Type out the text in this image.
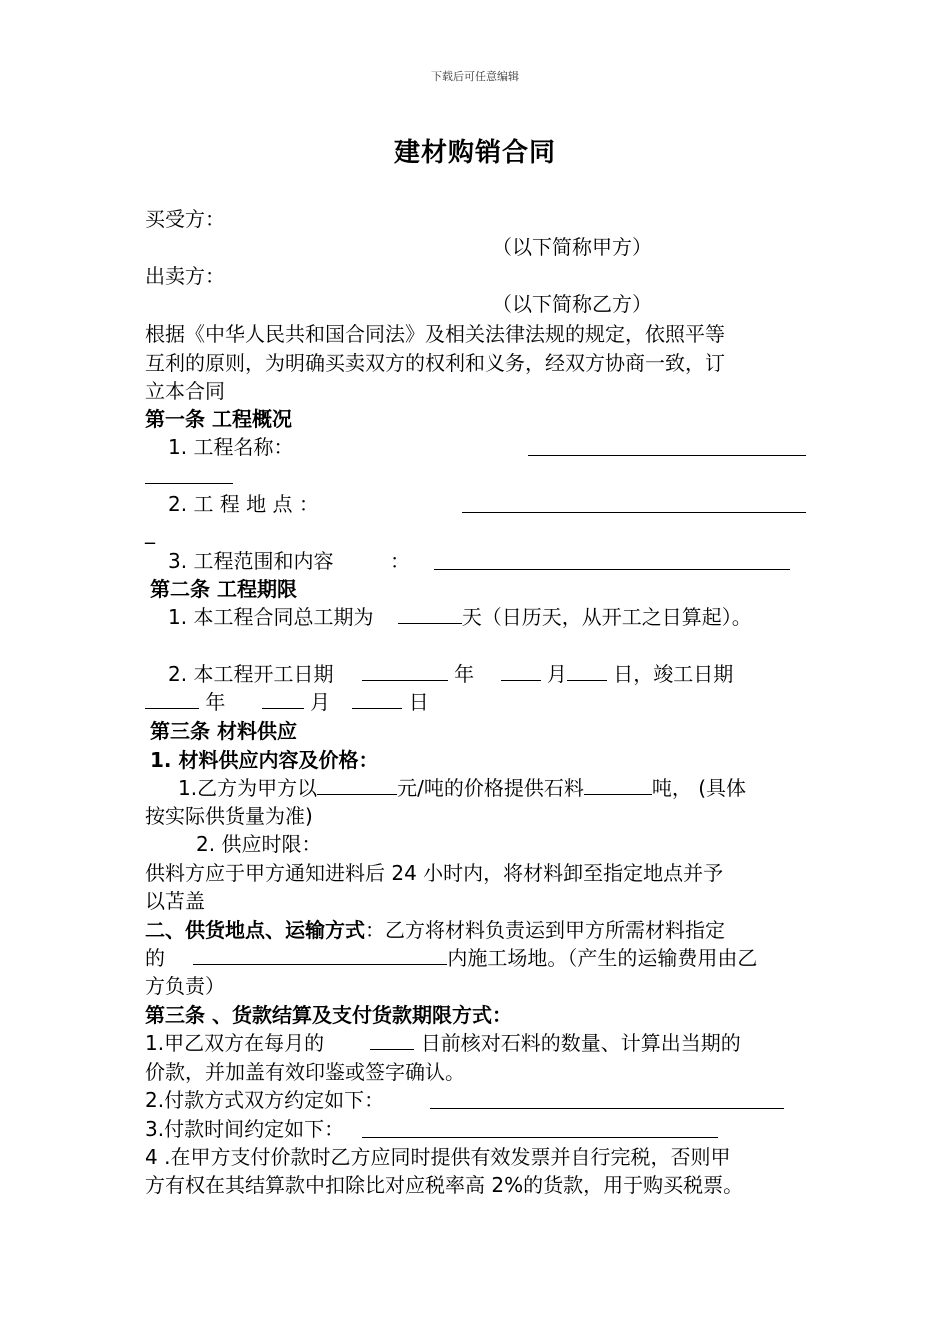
下载后可任意编辑
建材购销合同
买受方：
（以下简称甲方）
出卖方：
（以下简称乙方）
根据《中华人民共和国合同法》及相关法律法规的规定，依照平等
互利的原则，为明确买卖双方的权利和义务，经双方协商一致，订
立本合同
第一条 工程概况
1. 工程名称：
2. 工 程 地 点 ：
_
3. 工程范围和内容	：
第二条 工程期限
1. 本工程合同总工期为	天（日历天，从开工之日算起）。
2. 本工程开工日期	年	月 日，竣工日期
年	月	日
第三条 材料供应
1. 材料供应内容及价格：
1.乙方为甲方以	元/吨的价格提供石料	吨， (具体
按实际供货量为准)
2. 供应时限：
供料方应于甲方通知进料后 24 小时内，将材料卸至指定地点并予
以苫盖
二、供货地点、运输方式：乙方将材料负责运到甲方所需材料指定
的	内施工场地。（产生的运输费用由乙
方负责）
第三条 、货款结算及支付货款期限方式：
1.甲乙双方在每月的	日前核对石料的数量、计算出当期的
价款，并加盖有效印鉴或签字确认。
2.付款方式双方约定如下：
3.付款时间约定如下：
4 .在甲方支付价款时乙方应同时提供有效发票并自行完税，否则甲
方有权在其结算款中扣除比对应税率高 2%的货款，用于购买税票。
